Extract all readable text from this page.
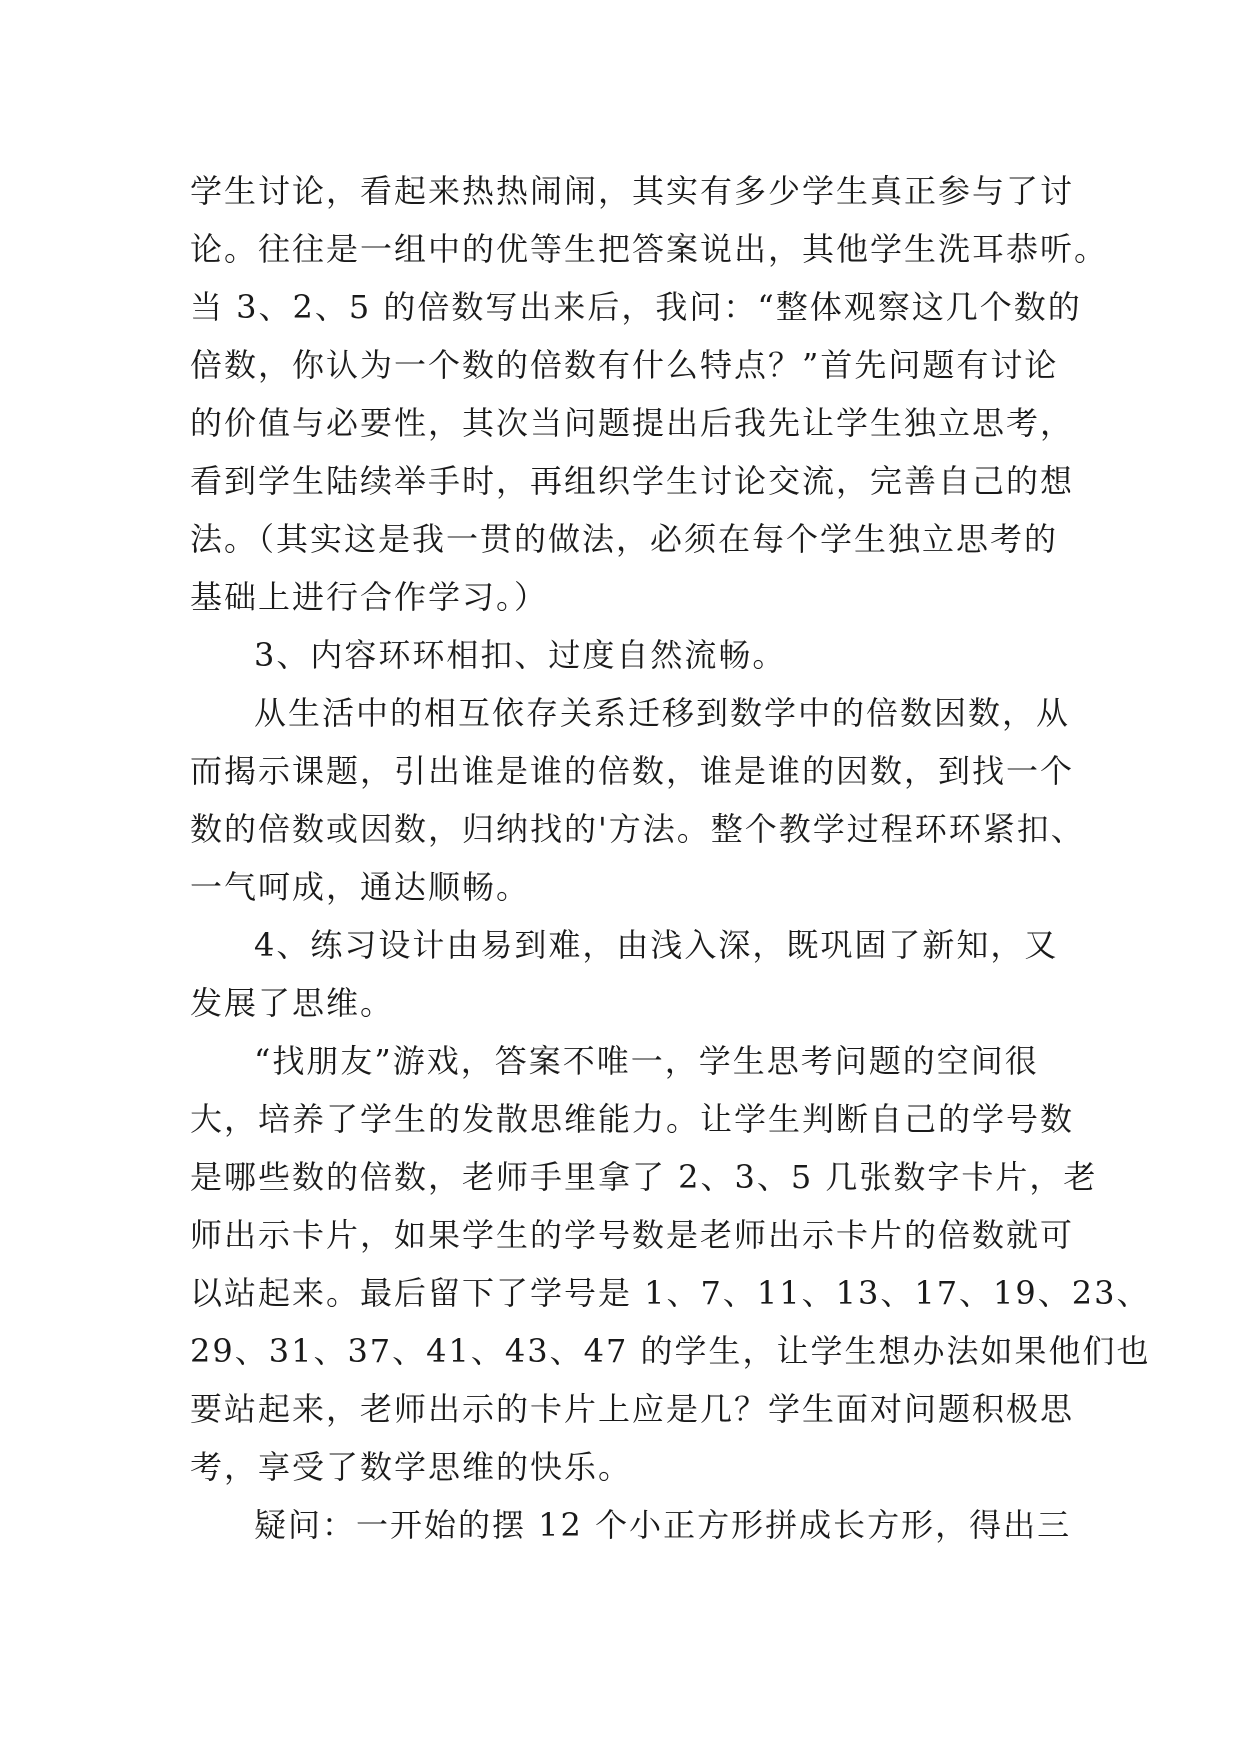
学生讨论，看起来热热闹闹，其实有多少学生真正参与了讨
论。往往是一组中的优等生把答案说出，其他学生洗耳恭听。
当 3、2、5 的倍数写出来后，我问：“整体观察这几个数的
倍数，你认为一个数的倍数有什么特点？”首先问题有讨论
的价值与必要性，其次当问题提出后我先让学生独立思考，
看到学生陆续举手时，再组织学生讨论交流，完善自己的想
法。（其实这是我一贯的做法，必须在每个学生独立思考的
基础上进行合作学习。）
3、内容环环相扣、过度自然流畅。
从生活中的相互依存关系迁移到数学中的倍数因数，从
而揭示课题，引出谁是谁的倍数，谁是谁的因数，到找一个
数的倍数或因数，归纳找的'方法。整个教学过程环环紧扣、
一气呵成，通达顺畅。
4、练习设计由易到难，由浅入深，既巩固了新知，又
发展了思维。
“找朋友”游戏，答案不唯一，学生思考问题的空间很
大，培养了学生的发散思维能力。让学生判断自己的学号数
是哪些数的倍数，老师手里拿了 2、3、5 几张数字卡片，老
师出示卡片，如果学生的学号数是老师出示卡片的倍数就可
以站起来。最后留下了学号是 1、7、11、13、17、19、23、
29、31、37、41、43、47 的学生，让学生想办法如果他们也
要站起来，老师出示的卡片上应是几？学生面对问题积极思
考，享受了数学思维的快乐。
疑问：一开始的摆 12 个小正方形拼成长方形，得出三
